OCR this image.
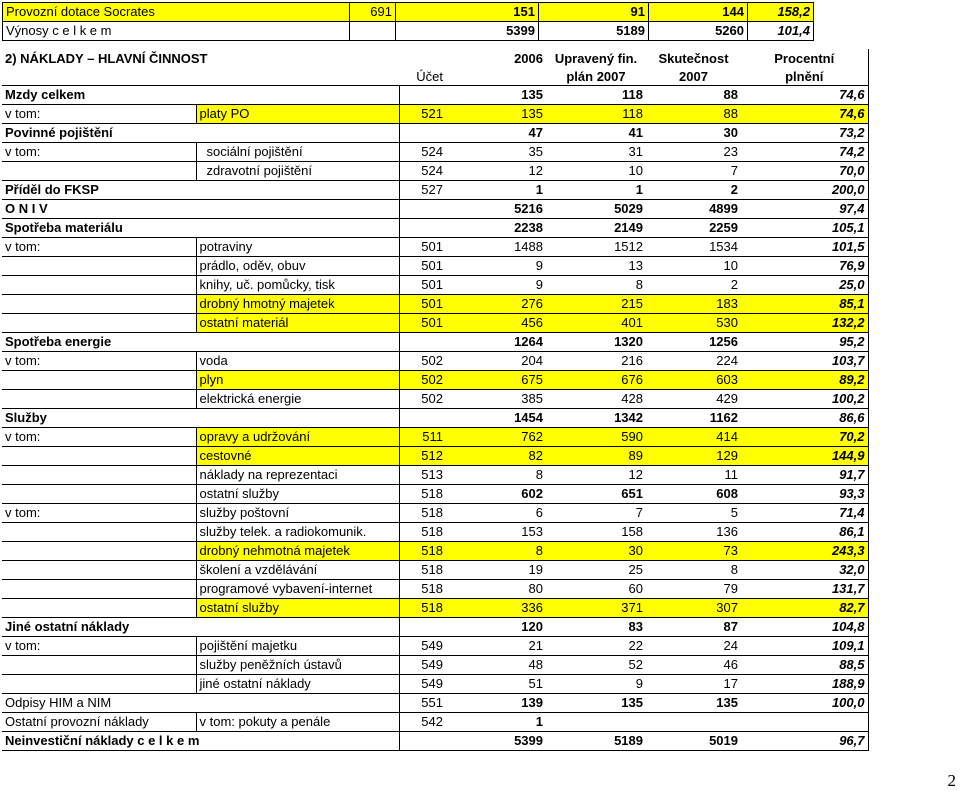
Provozní dotace Socrates	691	151	91	144	158,2
Výnosy c e l k e m		5399	5189	5260	101,4
2) NÁKLADY – HLAVNÍ ČINNOST			2006	Upravený fin.	Skutečnost	Procentní
		Účet		plán 2007	2007	plnění
Mzdy celkem			135	118	88	74,6
v tom:	platy PO	521	135	118	88	74,6
Povinné pojištění			47	41	30	73,2
v tom:	sociální pojištění	524	35	31	23	74,2
	zdravotní pojištění	524	12	10	7	70,0
Příděl do FKSP		527	1	1	2	200,0
O N I V			5216	5029	4899	97,4
Spotřeba materiálu			2238	2149	2259	105,1
v tom:	potraviny	501	1488	1512	1534	101,5
	prádlo, oděv, obuv	501	9	13	10	76,9
	knihy, uč. pomůcky, tisk	501	9	8	2	25,0
	drobný hmotný majetek	501	276	215	183	85,1
	ostatní materiál	501	456	401	530	132,2
Spotřeba energie			1264	1320	1256	95,2
v tom:	voda	502	204	216	224	103,7
	plyn	502	675	676	603	89,2
	elektrická energie	502	385	428	429	100,2
Služby			1454	1342	1162	86,6
v tom:	opravy a udržování	511	762	590	414	70,2
	cestovné	512	82	89	129	144,9
	náklady na reprezentaci	513	8	12	11	91,7
	ostatní služby	518	602	651	608	93,3
v tom:	služby poštovní	518	6	7	5	71,4
	služby telek. a radiokomunik.	518	153	158	136	86,1
	drobný nehmotná majetek	518	8	30	73	243,3
	školení a vzdělávání	518	19	25	8	32,0
	programové vybavení-internet	518	80	60	79	131,7
	ostatní služby	518	336	371	307	82,7
Jiné ostatní náklady			120	83	87	104,8
v tom:	pojištění majetku	549	21	22	24	109,1
	služby peněžních ústavů	549	48	52	46	88,5
	jiné ostatní náklady	549	51	9	17	188,9
Odpisy HIM a NIM		551	139	135	135	100,0
Ostatní provozní náklady	v tom: pokuty a penále	542	1			
Neinvestiční náklady c e l k e m			5399	5189	5019	96,7
2
